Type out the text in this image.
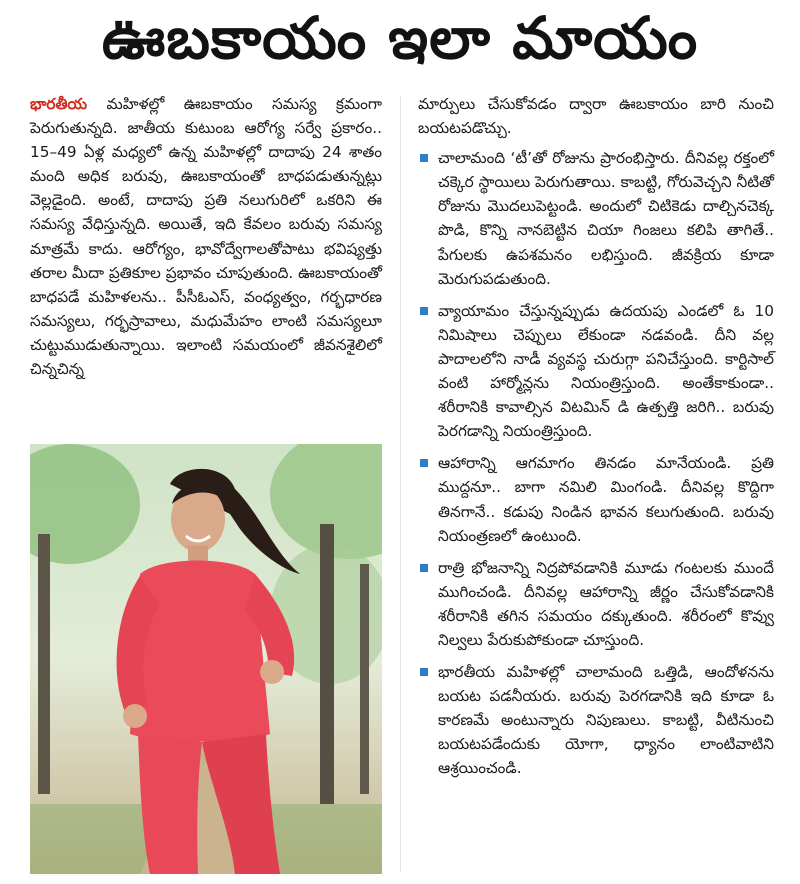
ఊబకాయం ఇలా మాయం

భారతీయ మహిళల్లో ఊబకాయం సమస్య క్రమంగా పెరుగుతున్నది. జాతీయ కుటుంబ ఆరోగ్య సర్వే ప్రకారం.. 15–49 ఏళ్ల మధ్యలో ఉన్న మహిళల్లో దాదాపు 24 శాతం మంది అధిక బరువు, ఊబకాయంతో బాధపడుతున్నట్లు వెల్లడైంది. అంటే, దాదాపు ప్రతి నలుగురిలో ఒకరిని ఈ సమస్య వేధిస్తున్నది. అయితే, ఇది కేవలం బరువు సమస్య మాత్రమే కాదు. ఆరోగ్యం, భావోద్వేగాలతోపాటు భవిష్యత్తు తరాల మీదా ప్రతికూల ప్రభావం చూపుతుంది. ఊబకాయంతో బాధపడే మహిళలను.. పీసీఓఎస్, వంధ్యత్వం, గర్భధారణ సమస్యలు, గర్భస్రావాలు, మధుమేహం లాంటి సమస్యలూ చుట్టుముడుతున్నాయి. ఇలాంటి సమయంలో జీవనశైలిలో చిన్నచిన్న

మార్పులు చేసుకోవడం ద్వారా ఊబకాయం బారి నుంచి బయటపడొచ్చు.

చాలామంది ‘టీ’తో రోజును ప్రారంభిస్తారు. దీనివల్ల రక్తంలో చక్కెర స్థాయిలు పెరుగుతాయి. కాబట్టి, గోరువెచ్చని నీటితో రోజును మొదలుపెట్టండి. అందులో చిటికెడు దాల్చినచెక్క పొడి, కొన్ని నానబెట్టిన చియా గింజలు కలిపి తాగితే.. పేగులకు ఉపశమనం లభిస్తుంది. జీవక్రియ కూడా మెరుగుపడుతుంది.
వ్యాయామం చేస్తున్నప్పుడు ఉదయపు ఎండలో ఓ 10 నిమిషాలు చెప్పులు లేకుండా నడవండి. దీని వల్ల పాదాలలోని నాడీ వ్యవస్థ చురుగ్గా పనిచేస్తుంది. కార్టిసాల్ వంటి హార్మోన్లను నియంత్రిస్తుంది. అంతేకాకుండా.. శరీరానికి కావాల్సిన విటమిన్ డి ఉత్పత్తి జరిగి.. బరువు పెరగడాన్ని నియంత్రిస్తుంది.
ఆహారాన్ని ఆగమాగం తినడం మానేయండి. ప్రతి ముద్దనూ.. బాగా నమిలి మింగండి. దీనివల్ల కొద్దిగా తినగానే.. కడుపు నిండిన భావన కలుగుతుంది. బరువు నియంత్రణలో ఉంటుంది.
రాత్రి భోజనాన్ని నిద్రపోవడానికి మూడు గంటలకు ముందే ముగించండి. దీనివల్ల ఆహారాన్ని జీర్ణం చేసుకోవడానికి శరీరానికి తగిన సమయం దక్కుతుంది. శరీరంలో కొవ్వు నిల్వలు పేరుకుపోకుండా చూస్తుంది.
భారతీయ మహిళల్లో చాలామంది ఒత్తిడి, ఆందోళనను బయట పడనీయరు. బరువు పెరగడానికి ఇది కూడా ఓ కారణమే అంటున్నారు నిపుణులు. కాబట్టి, వీటినుంచి బయటపడేందుకు యోగా, ధ్యానం లాంటివాటిని ఆశ్రయించండి.
